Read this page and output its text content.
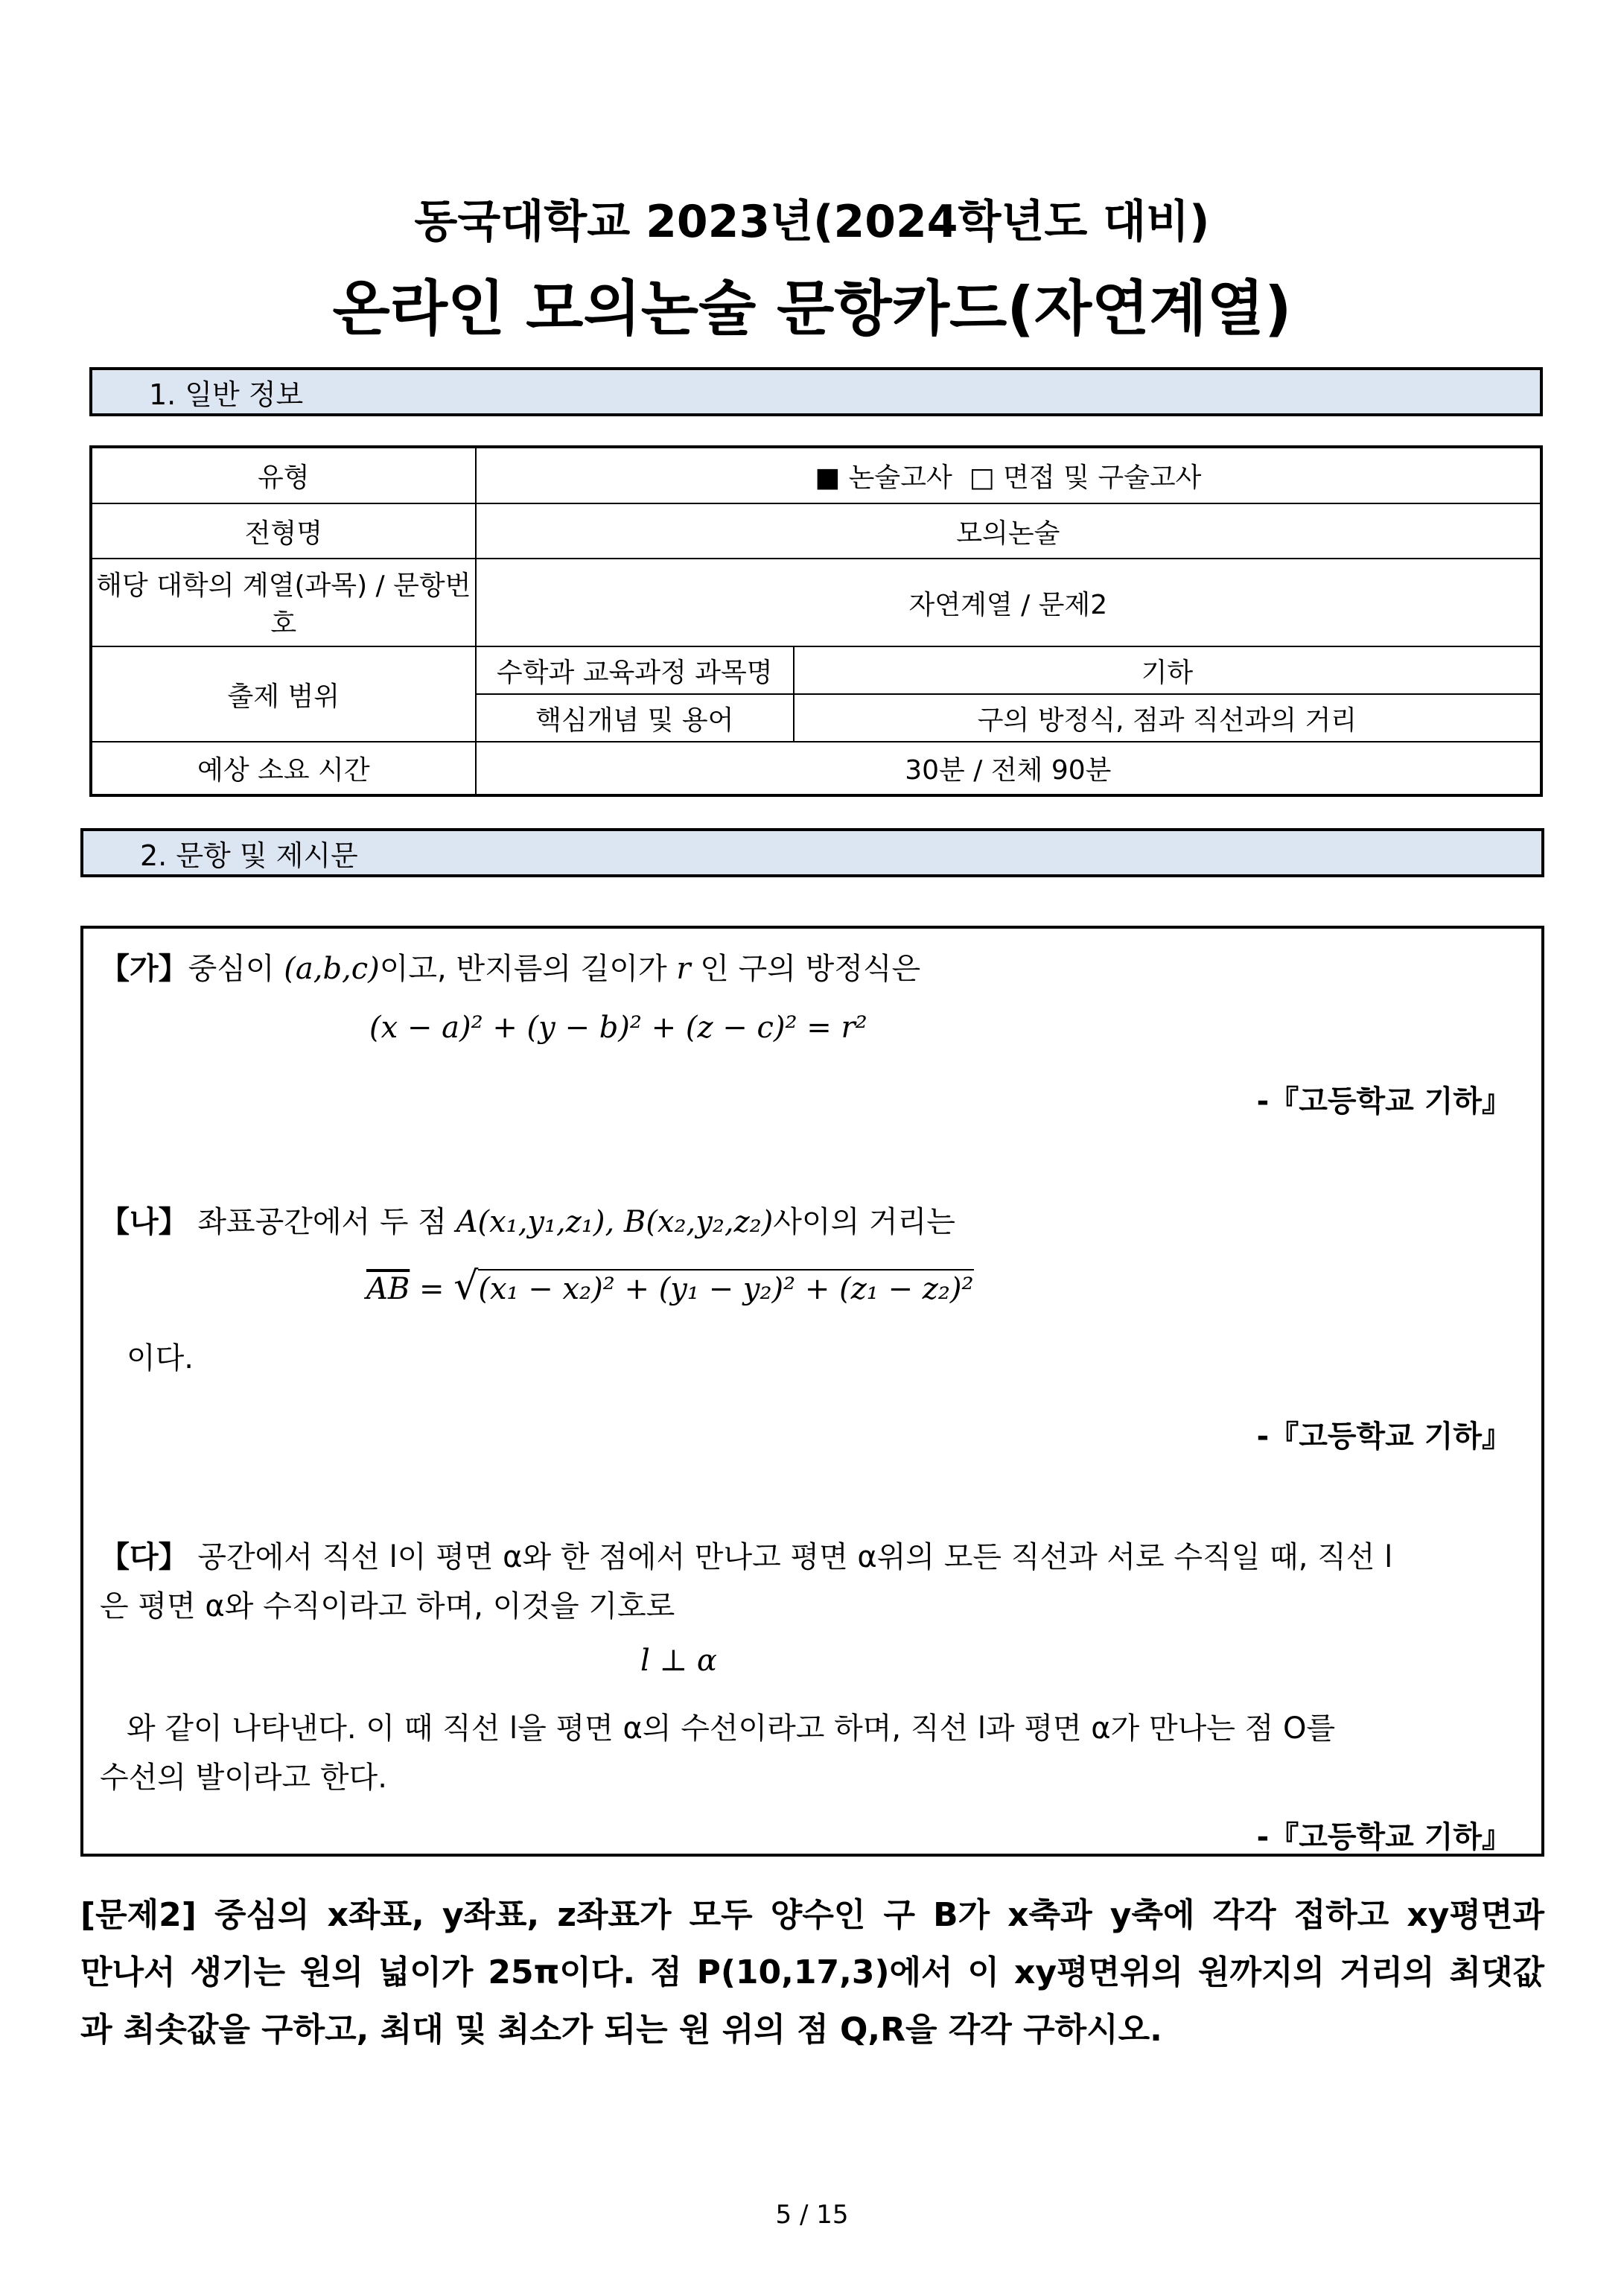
동국대학교 2023년(2024학년도 대비)
온라인 모의논술 문항카드(자연계열)
1. 일반 정보
유형	■ 논술고사  □ 면접 및 구술고사	
전형명	모의논술	
해당 대학의 계열(과목) / 문항번호	자연계열 / 문제2	
출제 범위	수학과 교육과정 과목명	기하
	핵심개념 및 용어	구의 방정식, 점과 직선과의 거리
예상 소요 시간	30분 / 전체 90분	
2. 문항 및 제시문
【가】중심이 (a,b,c)이고, 반지름의 길이가 r 인 구의 방정식은
(x − a)² + (y − b)² + (z − c)² = r²
-『고등학교 기하』
【나】 좌표공간에서 두 점 A(x₁,y₁,z₁), B(x₂,y₂,z₂)사이의 거리는
$\overline{AB} = √(x_1 - x_2)^2 + (y_1 - y_2)^2 + (z_1 - z_2)^2$
이다.
-『고등학교 기하』
【다】 공간에서 직선 l이 평면 α와 한 점에서 만나고 평면 α위의 모든 직선과 서로 수직일 때, 직선 l
은 평면 α와 수직이라고 하며, 이것을 기호로
l ⊥ α
와 같이 나타낸다. 이 때 직선 l을 평면 α의 수선이라고 하며, 직선 l과 평면 α가 만나는 점 O를
수선의 발이라고 한다.
-『고등학교 기하』
[문제2] 중심의 x좌표, y좌표, z좌표가 모두 양수인 구 B가 x축과 y축에 각각 접하고 xy평면과
만나서 생기는 원의 넓이가 25π이다. 점 P(10,17,3)에서 이 xy평면위의 원까지의 거리의 최댓값
과 최솟값을 구하고, 최대 및 최소가 되는 원 위의 점 Q,R을 각각 구하시오.
5 / 15
